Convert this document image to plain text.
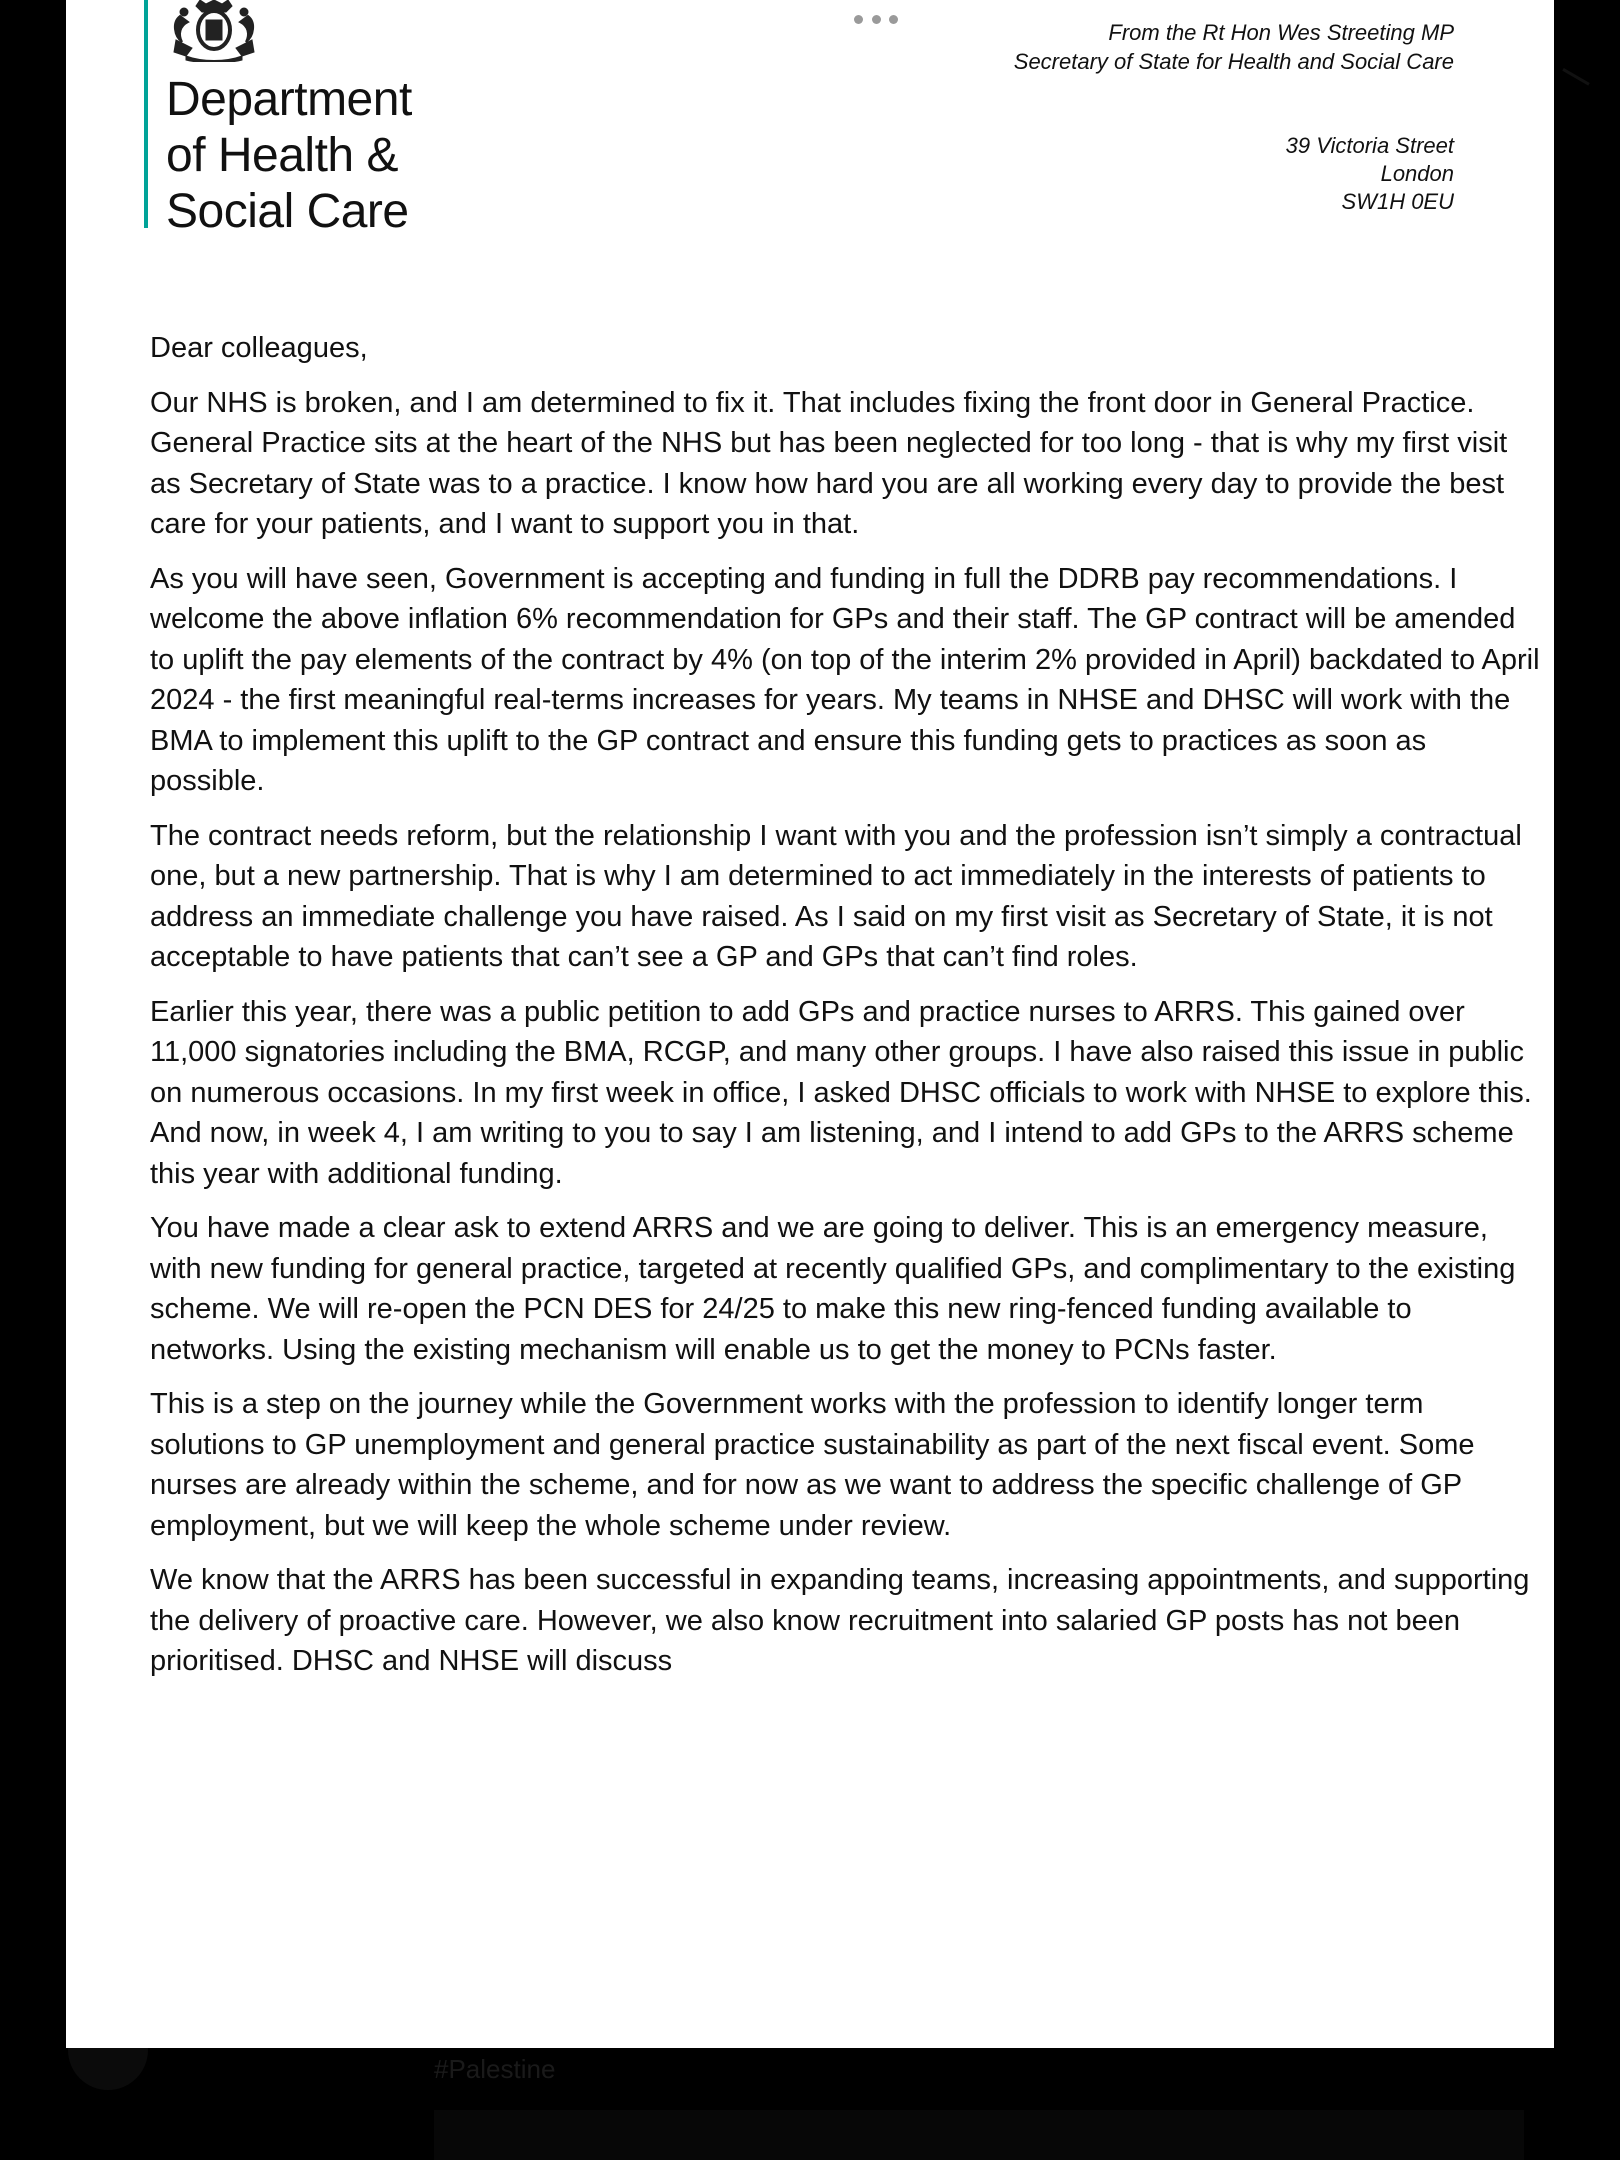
#Palestine
Department
of Health &
Social Care
From the Rt Hon Wes Streeting MP
Secretary of State for Health and Social Care
39 Victoria Street
London
SW1H 0EU

Dear colleagues,

Our NHS is broken, and I am determined to fix it. That includes fixing the front door in General Practice. General Practice sits at the heart of the NHS but has been neglected for too long - that is why my first visit as Secretary of State was to a practice. I know how hard you are all working every day to provide the best care for your patients, and I want to support you in that.

As you will have seen, Government is accepting and funding in full the DDRB pay recommendations. I welcome the above inflation 6% recommendation for GPs and their staff. The GP contract will be amended to uplift the pay elements of the contract by 4% (on top of the interim 2% provided in April) backdated to April 2024 - the first meaningful real-terms increases for years. My teams in NHSE and DHSC will work with the BMA to implement this uplift to the GP contract and ensure this funding gets to practices as soon as possible.

The contract needs reform, but the relationship I want with you and the profession isn’t simply a contractual one, but a new partnership. That is why I am determined to act immediately in the interests of patients to address an immediate challenge you have raised. As I said on my first visit as Secretary of State, it is not acceptable to have patients that can’t see a GP and GPs that can’t find roles.

Earlier this year, there was a public petition to add GPs and practice nurses to ARRS. This gained over 11,000 signatories including the BMA, RCGP, and many other groups. I have also raised this issue in public on numerous occasions. In my first week in office, I asked DHSC officials to work with NHSE to explore this. And now, in week 4, I am writing to you to say I am listening, and I intend to add GPs to the ARRS scheme this year with additional funding.

You have made a clear ask to extend ARRS and we are going to deliver. This is an emergency measure, with new funding for general practice, targeted at recently qualified GPs, and complimentary to the existing scheme. We will re-open the PCN DES for 24/25 to make this new ring-fenced funding available to networks. Using the existing mechanism will enable us to get the money to PCNs faster.

This is a step on the journey while the Government works with the profession to identify longer term solutions to GP unemployment and general practice sustainability as part of the next fiscal event. Some nurses are already within the scheme, and for now as we want to address the specific challenge of GP employment, but we will keep the whole scheme under review.

We know that the ARRS has been successful in expanding teams, increasing appointments, and supporting the delivery of proactive care. However, we also know recruitment into salaried GP posts has not been prioritised. DHSC and NHSE will discuss
